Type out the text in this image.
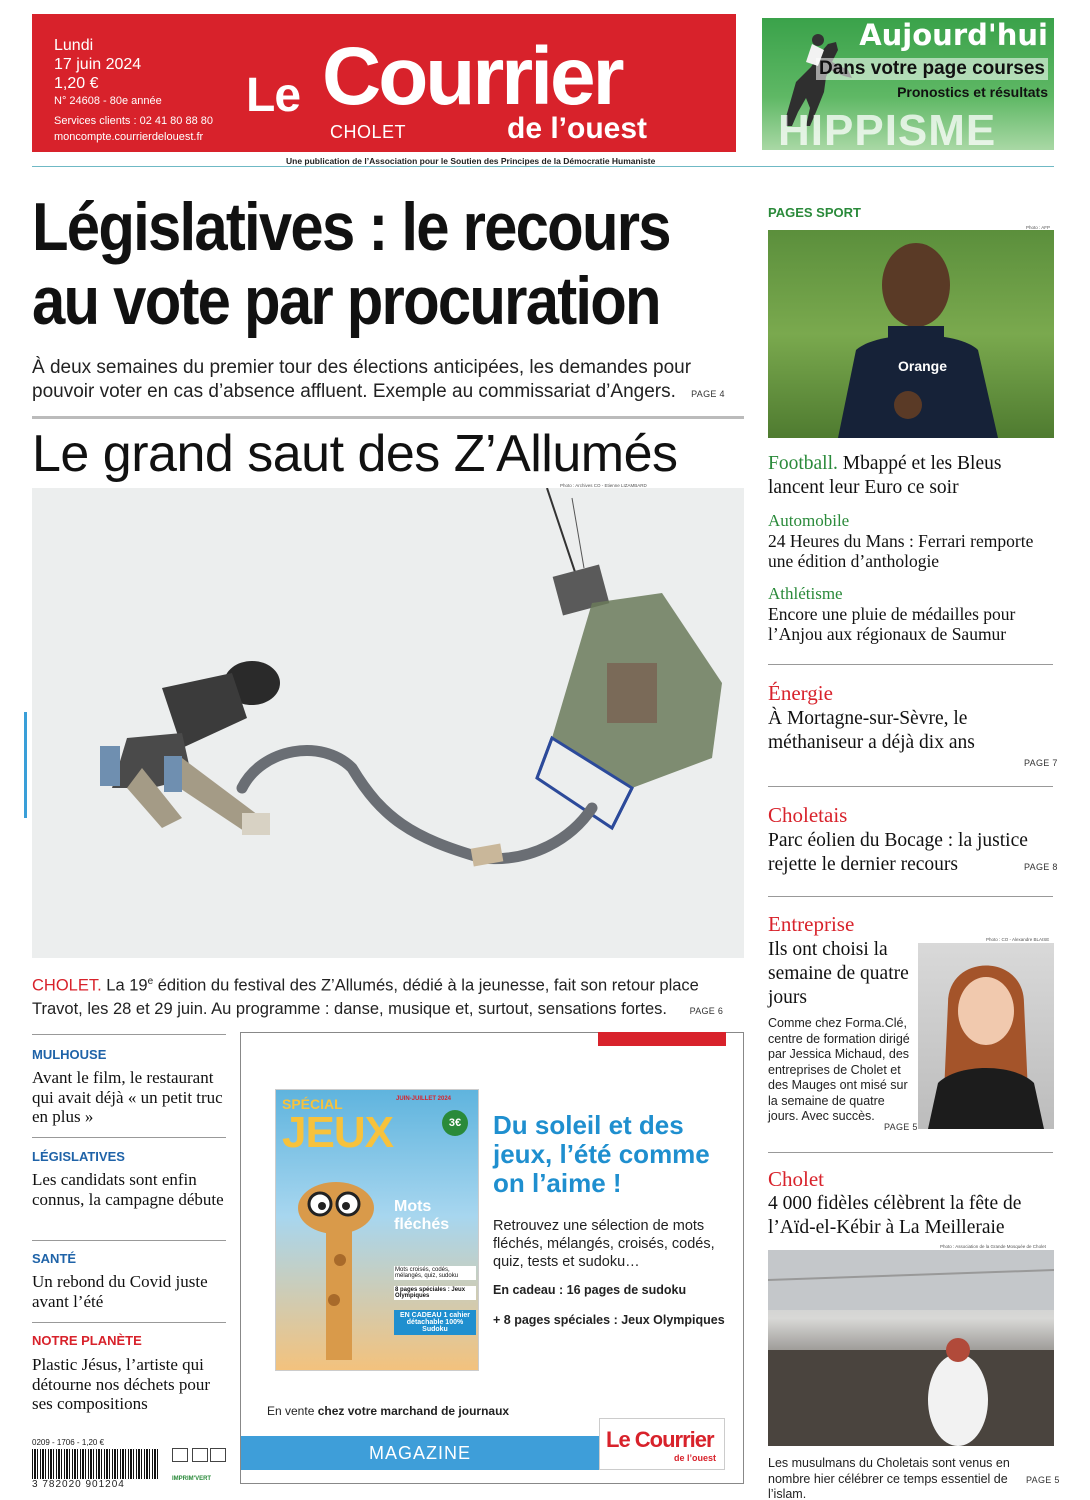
Lundi
17 juin 2024
1,20 €
N° 24608 - 80e année
Services clients : 02 41 80 88 80
moncompte.courrierdelouest.fr
Le Courrier
CHOLET	de l’ouest
Aujourd'hui
Dans votre page courses
Pronostics et résultats
HIPPISME
Une publication de l’Association pour le Soutien des Principes de la Démocratie Humaniste
Législatives : le recours
au vote par procuration
À deux semaines du premier tour des élections anticipées, les demandes pour pouvoir voter en cas d’absence affluent. Exemple au commissariat d’Angers. PAGE 4
Le grand saut des Z’Allumés
Photo : Archives CO - Etienne LIZAMBARD
CHOLET. La 19e édition du festival des Z’Allumés, dédié à la jeunesse, fait son retour place Travot, les 28 et 29 juin. Au programme : danse, musique et, surtout, sensations fortes.	PAGE 6
MULHOUSE
Avant le film, le restaurant qui avait déjà « un petit truc en plus »
LÉGISLATIVES
Les candidats sont enfin connus, la campagne débute
SANTÉ
Un rebond du Covid juste avant l’été
NOTRE PLANÈTE
Plastic Jésus, l’artiste qui détourne nos déchets pour ses compositions
SPÉCIAL
JEUX
JUIN-JUILLET 2024
3€
Mots fléchés
Mots croisés, codés, mélangés, quiz, sudoku
8 pages spéciales : Jeux Olympiques
EN CADEAU 1 cahier détachable 100% Sudoku
Du soleil et des jeux, l’été comme on l’aime !
Retrouvez une sélection de mots fléchés, mélangés, croisés, codés, quiz, tests et sudoku…
En cadeau : 16 pages de sudoku
+ 8 pages spéciales : Jeux Olympiques
En vente chez votre marchand de journaux
MAGAZINE
Le Courrier
de l’ouest
0209 - 1706 - 1,20 €
3 782020 901204	IMPRIM'VERT
PAGES SPORT
Photo : AFP
Orange
Football. Mbappé et les Bleus lancent leur Euro ce soir
Automobile
24 Heures du Mans : Ferrari remporte une édition d’anthologie
Athlétisme
Encore une pluie de médailles pour l’Anjou aux régionaux de Saumur
Énergie
À Mortagne-sur-Sèvre, le méthaniseur a déjà dix ans
PAGE 7
Choletais
Parc éolien du Bocage : la justice rejette le dernier recours	PAGE 8
Entreprise
Ils ont choisi la semaine de quatre jours
Comme chez Forma.Clé, centre de formation dirigé par Jessica Michaud, des entreprises de Cholet et des Mauges ont misé sur la semaine de quatre jours. Avec succès.
PAGE 5
Photo : CO - Alexandre BLAISE
Cholet
4 000 fidèles célèbrent la fête de l’Aïd-el-Kébir à La Meilleraie
Photo : Association de la Grande Mosquée de Cholet
Les musulmans du Choletais sont venus en nombre hier célébrer ce temps essentiel de l’islam.
PAGE 5
